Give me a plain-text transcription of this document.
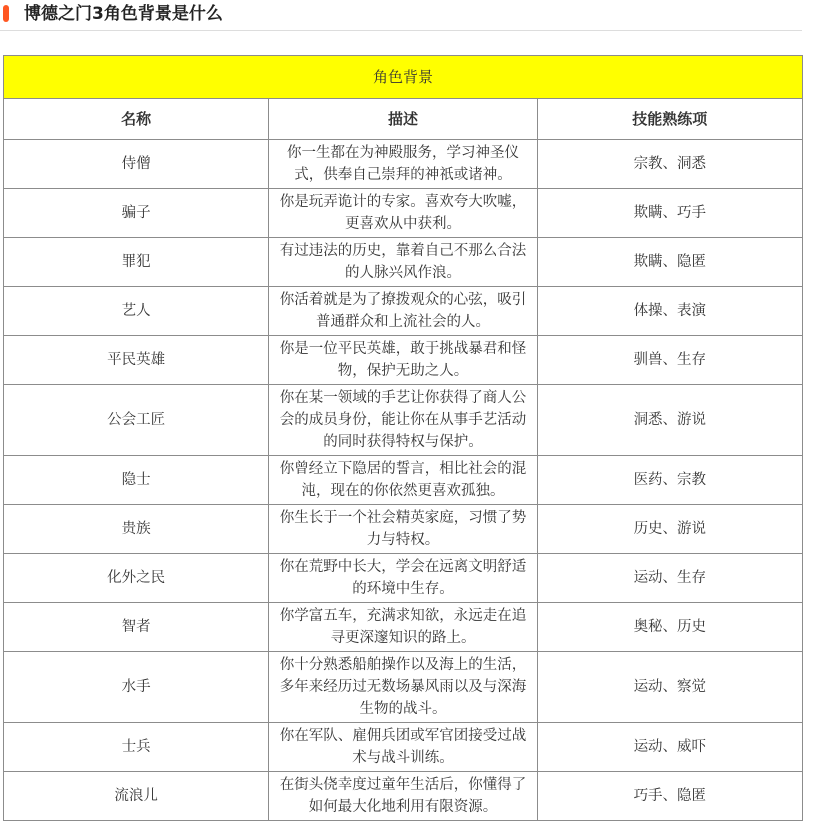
博德之门3角色背景是什么
角色背景		
名称	描述	技能熟练项
侍僧	你一生都在为神殿服务，学习神圣仪式，供奉自己崇拜的神祇或诸神。	宗教、洞悉
骗子	你是玩弄诡计的专家。喜欢夸大吹嘘，更喜欢从中获利。	欺瞒、巧手
罪犯	有过违法的历史，靠着自己不那么合法的人脉兴风作浪。	欺瞒、隐匿
艺人	你活着就是为了撩拨观众的心弦，吸引普通群众和上流社会的人。	体操、表演
平民英雄	你是一位平民英雄，敢于挑战暴君和怪物，保护无助之人。	驯兽、生存
公会工匠	你在某一领域的手艺让你获得了商人公会的成员身份，能让你在从事手艺活动的同时获得特权与保护。	洞悉、游说
隐士	你曾经立下隐居的誓言，相比社会的混沌，现在的你依然更喜欢孤独。	医药、宗教
贵族	你生长于一个社会精英家庭，习惯了势力与特权。	历史、游说
化外之民	你在荒野中长大，学会在远离文明舒适的环境中生存。	运动、生存
智者	你学富五车，充满求知欲，永远走在追寻更深邃知识的路上。	奥秘、历史
水手	你十分熟悉船舶操作以及海上的生活，多年来经历过无数场暴风雨以及与深海生物的战斗。	运动、察觉
士兵	你在军队、雇佣兵团或军官团接受过战术与战斗训练。	运动、威吓
流浪儿	在街头侥幸度过童年生活后，你懂得了如何最大化地利用有限资源。	巧手、隐匿
